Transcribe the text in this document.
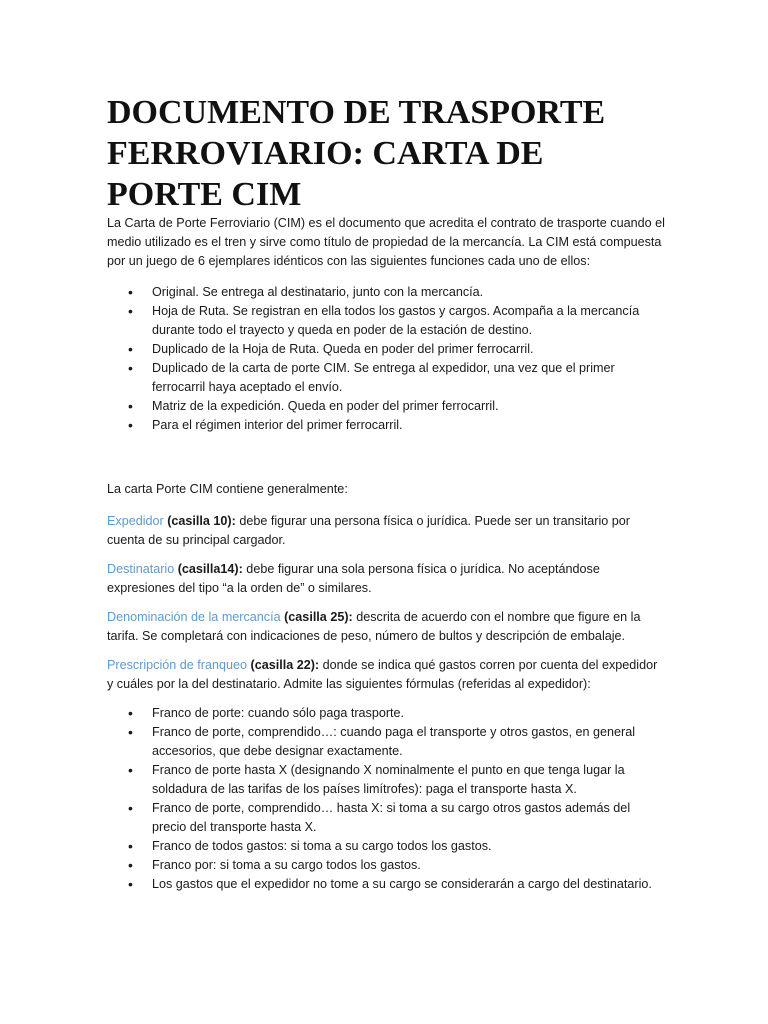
DOCUMENTO DE TRASPORTE FERROVIARIO: CARTA DE PORTE CIM

La Carta de Porte Ferroviario (CIM) es el documento que acredita el contrato de trasporte cuando el medio utilizado es el tren y sirve como título de propiedad de la mercancía. La CIM está compuesta por un juego de 6 ejemplares idénticos con las siguientes funciones cada uno de ellos:

• Original. Se entrega al destinatario, junto con la mercancía.
• Hoja de Ruta. Se registran en ella todos los gastos y cargos. Acompaña a la mercancía durante todo el trayecto y queda en poder de la estación de destino.
• Duplicado de la Hoja de Ruta. Queda en poder del primer ferrocarril.
• Duplicado de la carta de porte CIM. Se entrega al expedidor, una vez que el primer ferrocarril haya aceptado el envío.
• Matriz de la expedición. Queda en poder del primer ferrocarril.
• Para el régimen interior del primer ferrocarril.

La carta Porte CIM contiene generalmente:

Expedidor (casilla 10): debe figurar una persona física o jurídica. Puede ser un transitario por cuenta de su principal cargador.

Destinatario (casilla14): debe figurar una sola persona física o jurídica. No aceptándose expresiones del tipo “a la orden de” o similares.

Denominación de la mercancía (casilla 25): descrita de acuerdo con el nombre que figure en la tarifa. Se completará con indicaciones de peso, número de bultos y descripción de embalaje.

Prescripción de franqueo (casilla 22): donde se indica qué gastos corren por cuenta del expedidor y cuáles por la del destinatario. Admite las siguientes fórmulas (referidas al expedidor):

• Franco de porte: cuando sólo paga trasporte.
• Franco de porte, comprendido…: cuando paga el transporte y otros gastos, en general accesorios, que debe designar exactamente.
• Franco de porte hasta X (designando X nominalmente el punto en que tenga lugar la soldadura de las tarifas de los países limítrofes): paga el transporte hasta X.
• Franco de porte, comprendido… hasta X: si toma a su cargo otros gastos además del precio del transporte hasta X.
• Franco de todos gastos: si toma a su cargo todos los gastos.
• Franco por: si toma a su cargo todos los gastos.
• Los gastos que el expedidor no tome a su cargo se considerarán a cargo del destinatario.
